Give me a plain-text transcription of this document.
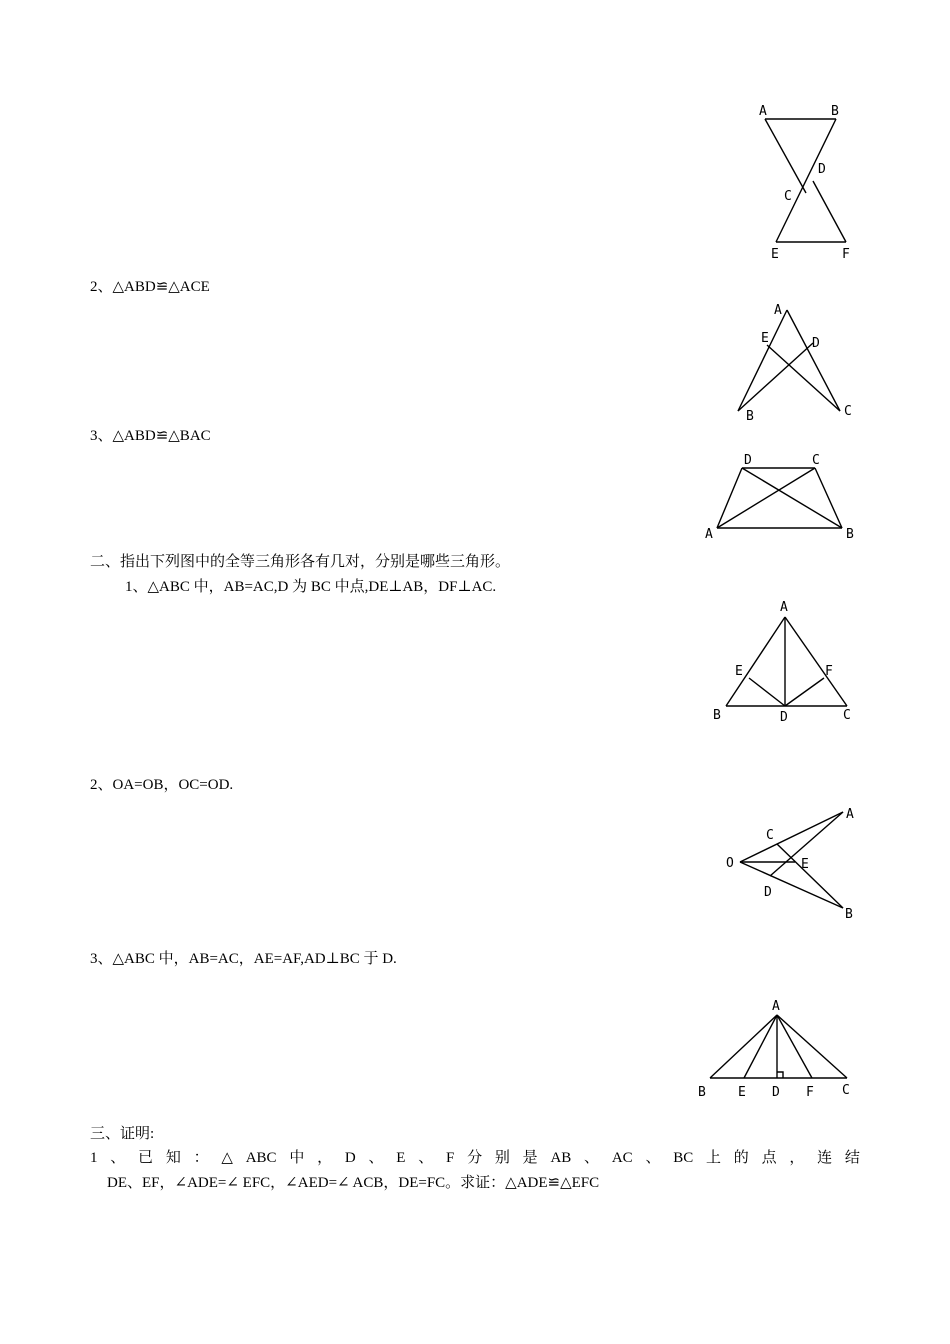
A	B
C
D
E	F
2、△ABD≌△ACE
A
E	D
B	C
3、△ABD≌△BAC
D	C
A	B
二、指出下列图中的全等三角形各有几对，分别是哪些三角形。
1、△ABC 中，AB=AC,D 为 BC 中点,DE⊥AB，DF⊥AC.
A
E	F
B	D	C
2、OA=OB，OC=OD.
O
C
E
D
A
B
3、△ABC 中，AB=AC，AE=AF,AD⊥BC 于 D.
A
B E D F C
三、证明:
1 、 已 知 ： △ ABC 中 ， D 、 E 、 F 分 别 是 AB 、 AC 、 BC 上 的 点 ， 连 结
DE、EF，∠ADE=∠ EFC，∠AED=∠ ACB，DE=FC。求证：△ADE≌△EFC
